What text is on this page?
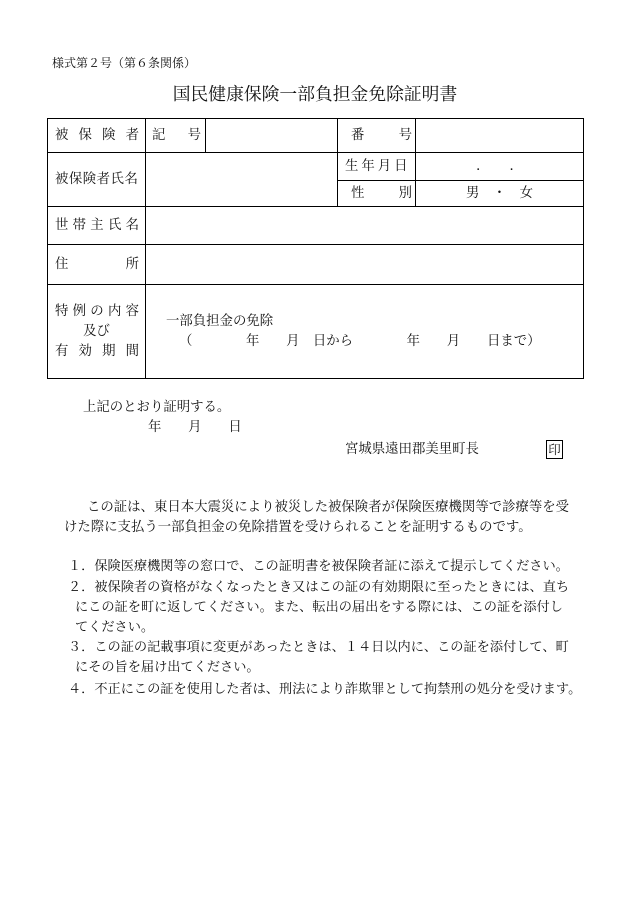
様式第２号（第６条関係）
国民健康保険一部負担金免除証明書
被 保 険 者	記 号		番 号	

被保険者氏名			生年月日	．　　．

			性 別	男　・　女

世 帯 主 氏 名				

住 所				

特 例 の 内 容
及び
有 効 期 間	一部負担金の免除
（　　　　年　　月　日から　　　　年　　月　　日まで）			
上記のとおり証明する。
年　　月　　日
宮城県遠田郡美里町長	印
この証は、東日本大震災により被災した被保険者が保険医療機関等で診療等を受
けた際に支払う一部負担金の免除措置を受けられることを証明するものです。
１．保険医療機関等の窓口で、この証明書を被保険者証に添えて提示してください。
２．被保険者の資格がなくなったとき又はこの証の有効期限に至ったときには、直ち
にこの証を町に返してください。また、転出の届出をする際には、この証を添付し
てください。
３．この証の記載事項に変更があったときは、１４日以内に、この証を添付して、町
にその旨を届け出てください。
４．不正にこの証を使用した者は、刑法により詐欺罪として拘禁刑の処分を受けます。
